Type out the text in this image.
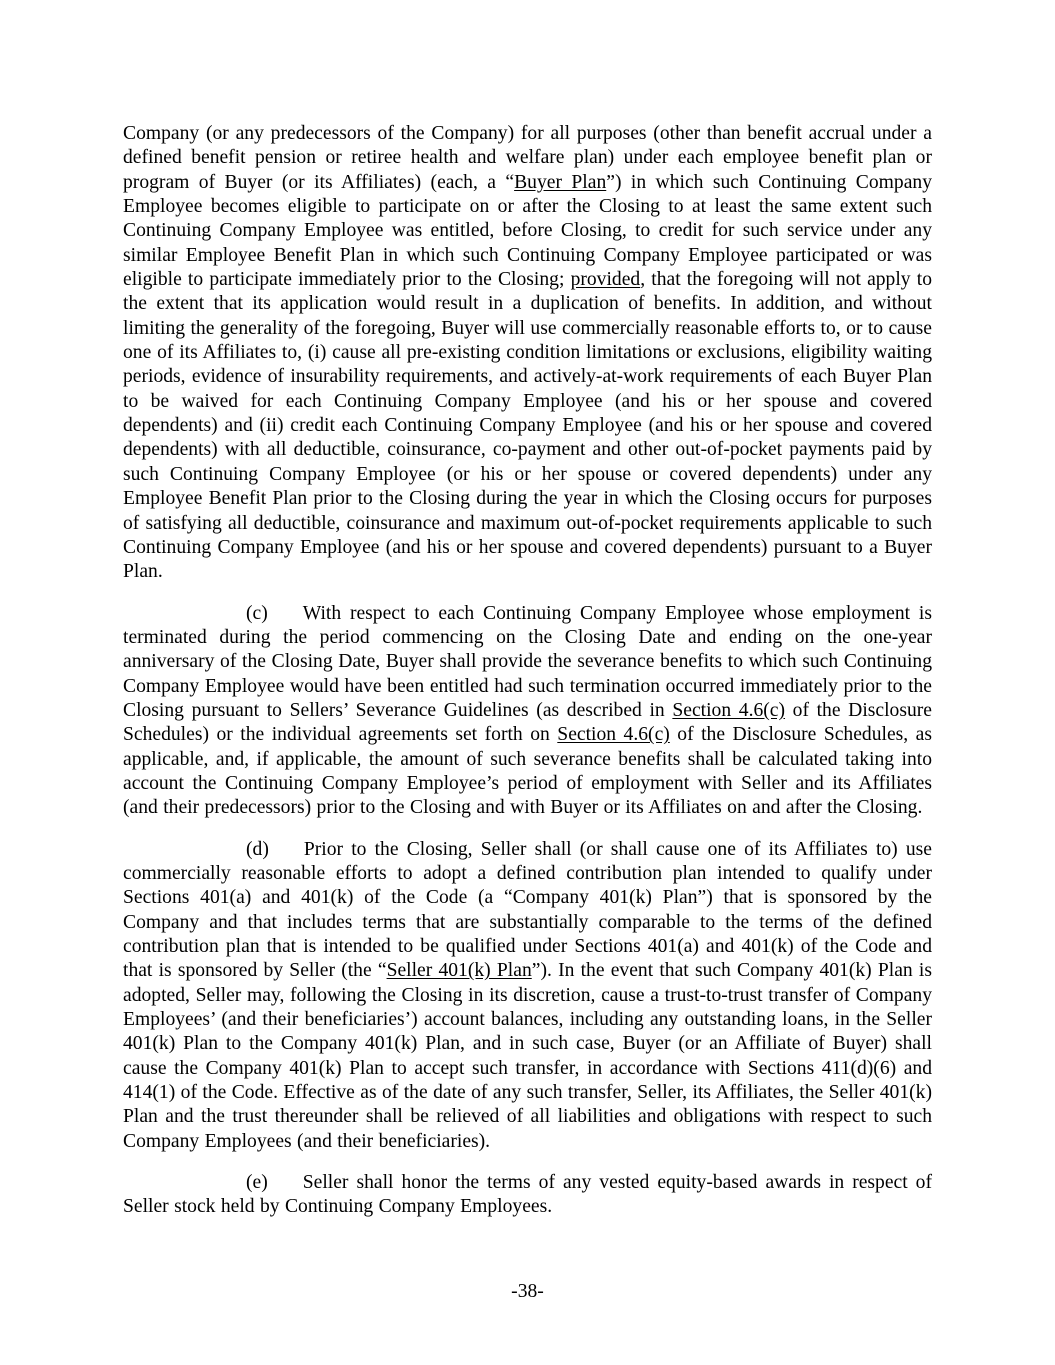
Company (or any predecessors of the Company) for all purposes (other than benefit accrual under a defined benefit pension or retiree health and welfare plan) under each employee benefit plan or program of Buyer (or its Affiliates) (each, a “Buyer Plan”) in which such Continuing Company Employee becomes eligible to participate on or after the Closing to at least the same extent such Continuing Company Employee was entitled, before Closing, to credit for such service under any similar Employee Benefit Plan in which such Continuing Company Employee participated or was eligible to participate immediately prior to the Closing; provided, that the foregoing will not apply to the extent that its application would result in a duplication of benefits. In addition, and without limiting the generality of the foregoing, Buyer will use commercially reasonable efforts to, or to cause one of its Affiliates to, (i) cause all pre-existing condition limitations or exclusions, eligibility waiting periods, evidence of insurability requirements, and actively-at-work requirements of each Buyer Plan to be waived for each Continuing Company Employee (and his or her spouse and covered dependents) and (ii) credit each Continuing Company Employee (and his or her spouse and covered dependents) with all deductible, coinsurance, co-payment and other out-of-pocket payments paid by such Continuing Company Employee (or his or her spouse or covered dependents) under any Employee Benefit Plan prior to the Closing during the year in which the Closing occurs for purposes of satisfying all deductible, coinsurance and maximum out-of-pocket requirements applicable to such Continuing Company Employee (and his or her spouse and covered dependents) pursuant to a Buyer Plan.

(c) With respect to each Continuing Company Employee whose employment is terminated during the period commencing on the Closing Date and ending on the one-year anniversary of the Closing Date, Buyer shall provide the severance benefits to which such Continuing Company Employee would have been entitled had such termination occurred immediately prior to the Closing pursuant to Sellers’ Severance Guidelines (as described in Section 4.6(c) of the Disclosure Schedules) or the individual agreements set forth on Section 4.6(c) of the Disclosure Schedules, as applicable, and, if applicable, the amount of such severance benefits shall be calculated taking into account the Continuing Company Employee’s period of employment with Seller and its Affiliates (and their predecessors) prior to the Closing and with Buyer or its Affiliates on and after the Closing.

(d) Prior to the Closing, Seller shall (or shall cause one of its Affiliates to) use commercially reasonable efforts to adopt a defined contribution plan intended to qualify under Sections 401(a) and 401(k) of the Code (a “Company 401(k) Plan”) that is sponsored by the Company and that includes terms that are substantially comparable to the terms of the defined contribution plan that is intended to be qualified under Sections 401(a) and 401(k) of the Code and that is sponsored by Seller (the “Seller 401(k) Plan”). In the event that such Company 401(k) Plan is adopted, Seller may, following the Closing in its discretion, cause a trust-to-trust transfer of Company Employees’ (and their beneficiaries’) account balances, including any outstanding loans, in the Seller 401(k) Plan to the Company 401(k) Plan, and in such case, Buyer (or an Affiliate of Buyer) shall cause the Company 401(k) Plan to accept such transfer, in accordance with Sections 411(d)(6) and 414(1) of the Code. Effective as of the date of any such transfer, Seller, its Affiliates, the Seller 401(k) Plan and the trust thereunder shall be relieved of all liabilities and obligations with respect to such Company Employees (and their beneficiaries).

(e) Seller shall honor the terms of any vested equity-based awards in respect of Seller stock held by Continuing Company Employees.

-38-
